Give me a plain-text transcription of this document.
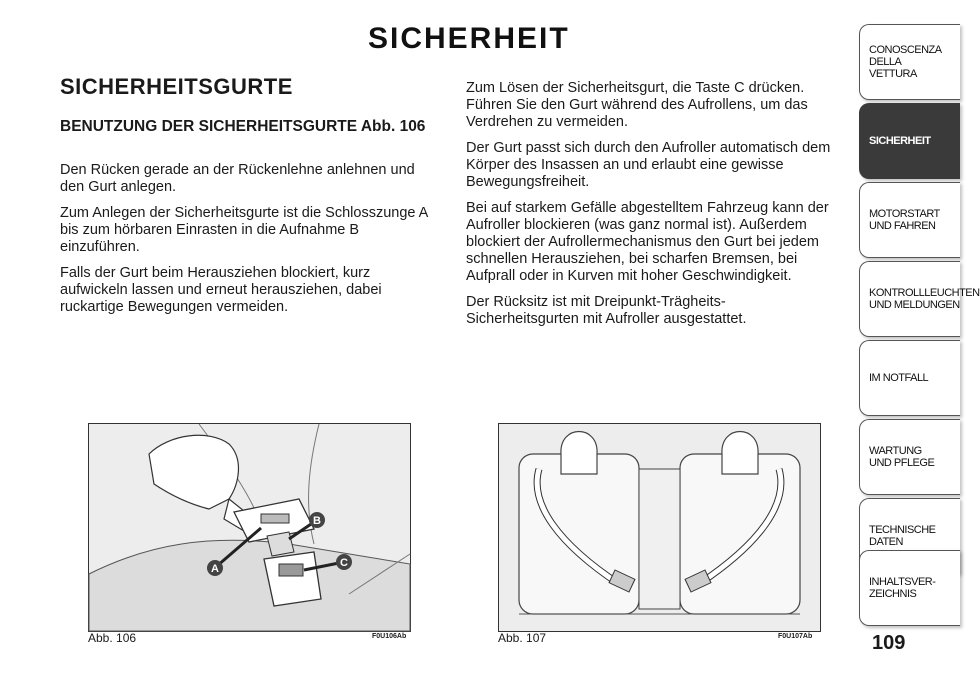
SICHERHEIT
SICHERHEITSGURTE
BENUTZUNG DER SICHERHEITSGURTE Abb. 106

Den Rücken gerade an der Rückenlehne anlehnen und den Gurt anlegen.

Zum Anlegen der Sicherheitsgurte ist die Schlosszunge A bis zum hörbaren Einrasten in die Aufnahme B einzuführen.

Falls der Gurt beim Herausziehen blockiert, kurz aufwickeln lassen und erneut herausziehen, dabei ruckartige Bewegungen vermeiden.

Zum Lösen der Sicherheitsgurt, die Taste C drücken. Führen Sie den Gurt während des Aufrollens, um das Verdrehen zu vermeiden.

Der Gurt passt sich durch den Aufroller automatisch dem Körper des Insassen an und erlaubt eine gewisse Bewegungsfreiheit.

Bei auf starkem Gefälle abgestelltem Fahrzeug kann der Aufroller blockieren (was ganz normal ist). Außerdem blockiert der Aufrollermechanismus den Gurt bei jedem schnellen Herausziehen, bei scharfen Bremsen, bei Aufprall oder in Kurven mit hoher Geschwindigkeit.

Der Rücksitz ist mit Dreipunkt-Trägheits-Sicherheitsgurten mit Aufroller ausgestattet.

A
B
C
Abb. 106	F0U106Ab	Abb. 107	F0U107Ab
CONOSCENZA
DELLA
VETTURA
SICHERHEIT
MOTORSTART
UND FAHREN
KONTROLLLEUCHTEN
UND MELDUNGEN
IM NOTFALL
WARTUNG
UND PFLEGE
TECHNISCHE
DATEN
INHALTSVER-
ZEICHNIS
109
